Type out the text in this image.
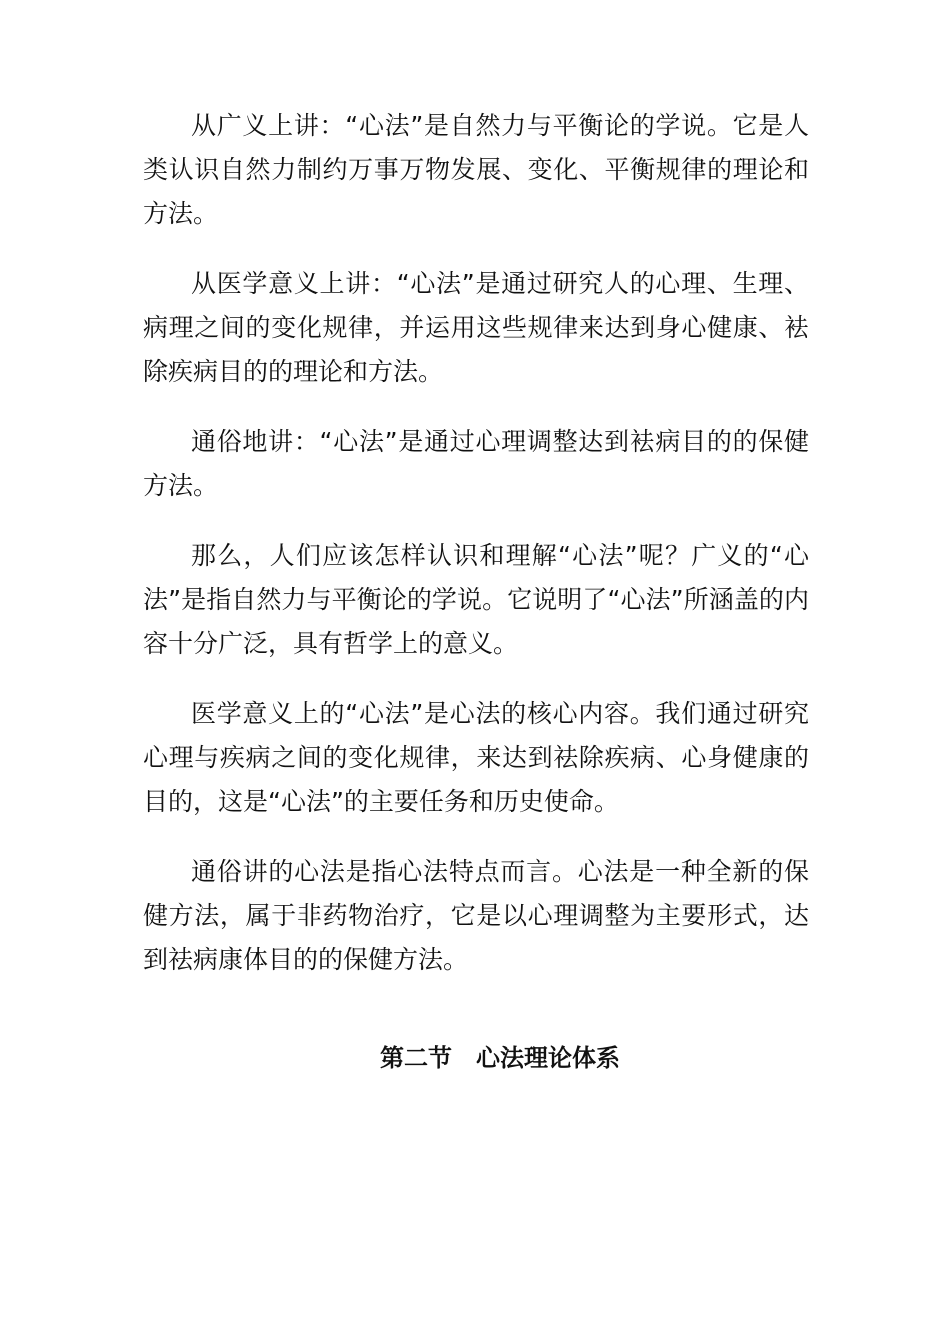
从广义上讲：“心法”是自然力与平衡论的学说。它是人类认识自然力制约万事万物发展、变化、平衡规律的理论和方法。

从医学意义上讲：“心法”是通过研究人的心理、生理、病理之间的变化规律，并运用这些规律来达到身心健康、袪除疾病目的的理论和方法。

通俗地讲：“心法”是通过心理调整达到袪病目的的保健方法。

那么，人们应该怎样认识和理解“心法”呢？广义的“心法”是指自然力与平衡论的学说。它说明了“心法”所涵盖的内容十分广泛，具有哲学上的意义。

医学意义上的“心法”是心法的核心内容。我们通过研究心理与疾病之间的变化规律，来达到祛除疾病、心身健康的目的，这是“心法”的主要任务和历史使命。

通俗讲的心法是指心法特点而言。心法是一种全新的保健方法，属于非药物治疗，它是以心理调整为主要形式，达到祛病康体目的的保健方法。

第二节　心法理论体系
